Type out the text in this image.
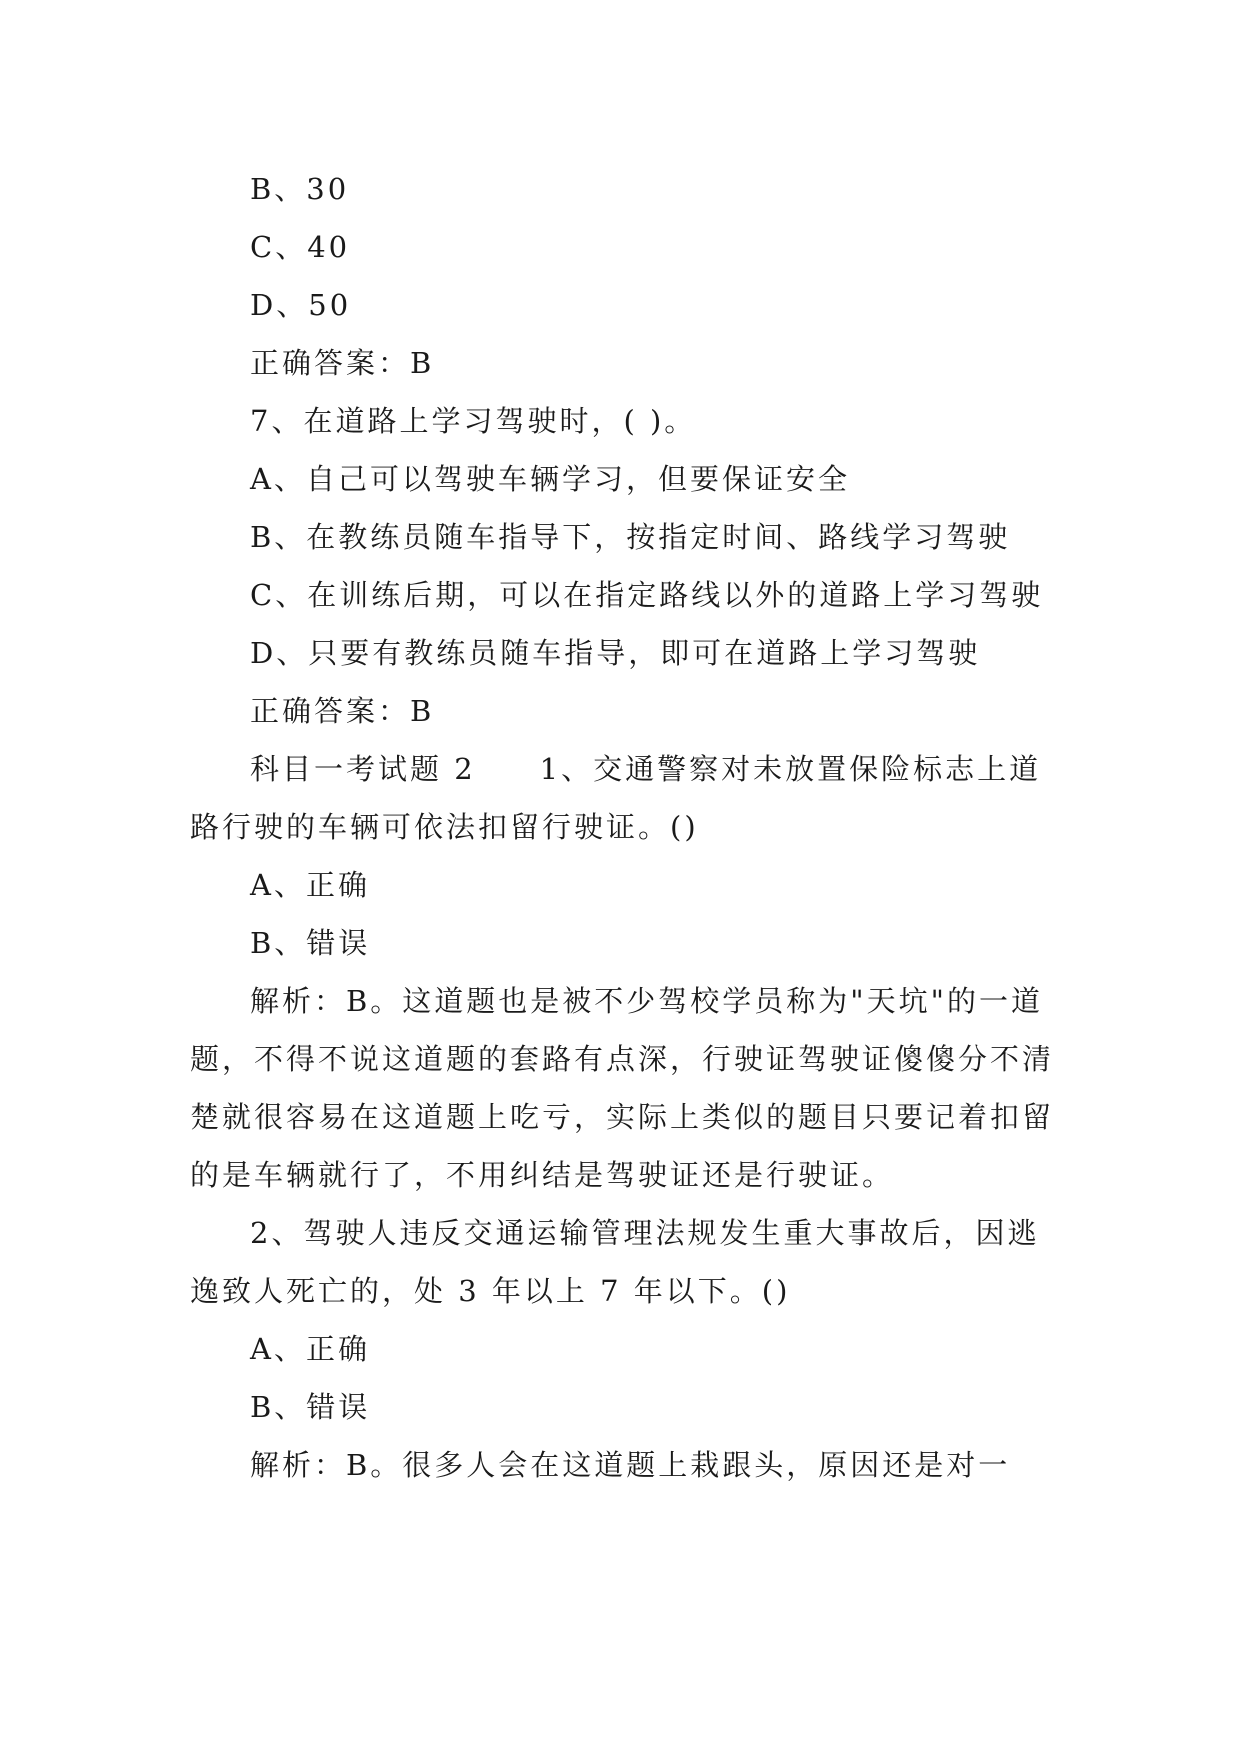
B、30

C、40

D、50

正确答案：B

7、在道路上学习驾驶时，( )。

A、自己可以驾驶车辆学习，但要保证安全

B、在教练员随车指导下，按指定时间、路线学习驾驶

C、在训练后期，可以在指定路线以外的道路上学习驾驶

D、只要有教练员随车指导，即可在道路上学习驾驶

正确答案：B

科目一考试题 2　　1、交通警察对未放置保险标志上道路行驶的车辆可依法扣留行驶证。()

A、正确

B、错误

解析：B。这道题也是被不少驾校学员称为"天坑"的一道题，不得不说这道题的套路有点深，行驶证驾驶证傻傻分不清楚就很容易在这道题上吃亏，实际上类似的题目只要记着扣留的是车辆就行了，不用纠结是驾驶证还是行驶证。

2、驾驶人违反交通运输管理法规发生重大事故后，因逃逸致人死亡的，处 3 年以上 7 年以下。()

A、正确

B、错误

解析：B。很多人会在这道题上栽跟头，原因还是对一
